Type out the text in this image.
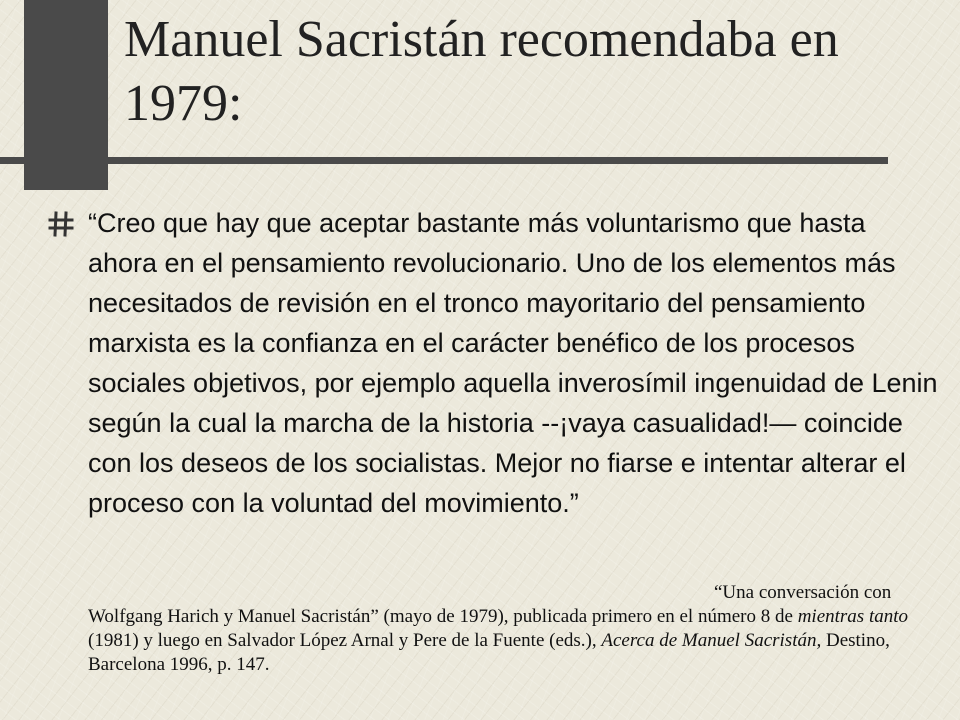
Manuel Sacristán recomendaba en 1979:

“Creo que hay que aceptar bastante más voluntarismo que hasta ahora en el pensamiento revolucionario. Uno de los elementos más necesitados de revisión en el tronco mayoritario del pensamiento marxista es la confianza en el carácter benéfico de los procesos sociales objetivos, por ejemplo aquella inverosímil ingenuidad de Lenin según la cual la marcha de la historia --¡vaya casualidad!— coincide con los deseos de los socialistas. Mejor no fiarse e intentar alterar el proceso con la voluntad del movimiento.”

“Una conversación con Wolfgang Harich y Manuel Sacristán” (mayo de 1979), publicada primero en el número 8 de mientras tanto (1981) y luego en Salvador López Arnal y Pere de la Fuente (eds.), Acerca de Manuel Sacristán, Destino, Barcelona 1996, p. 147.
